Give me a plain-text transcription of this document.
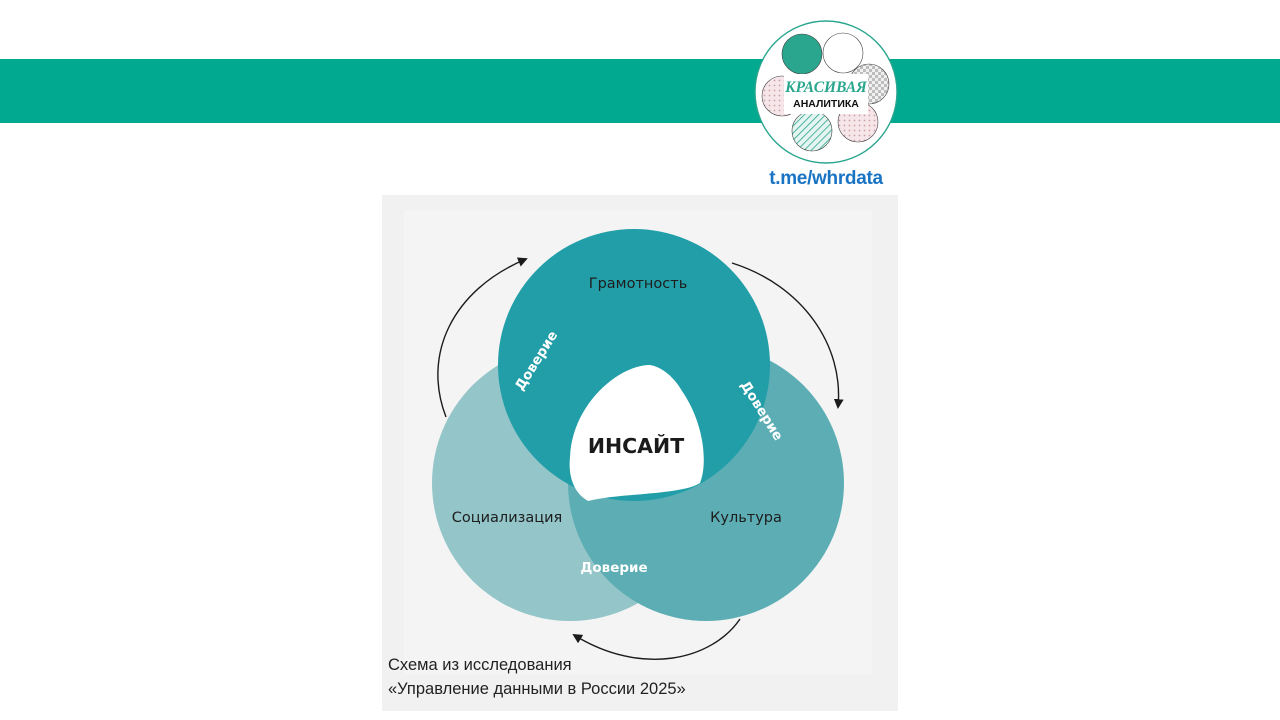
КРАСИВАЯ
АНАЛИТИКА
t.me/whrdata
Грамотность
Социализация	Культура
ИНСАЙТ
Доверие
Доверие
Доверие
Схема из исследования
«Управление данными в России 2025»
